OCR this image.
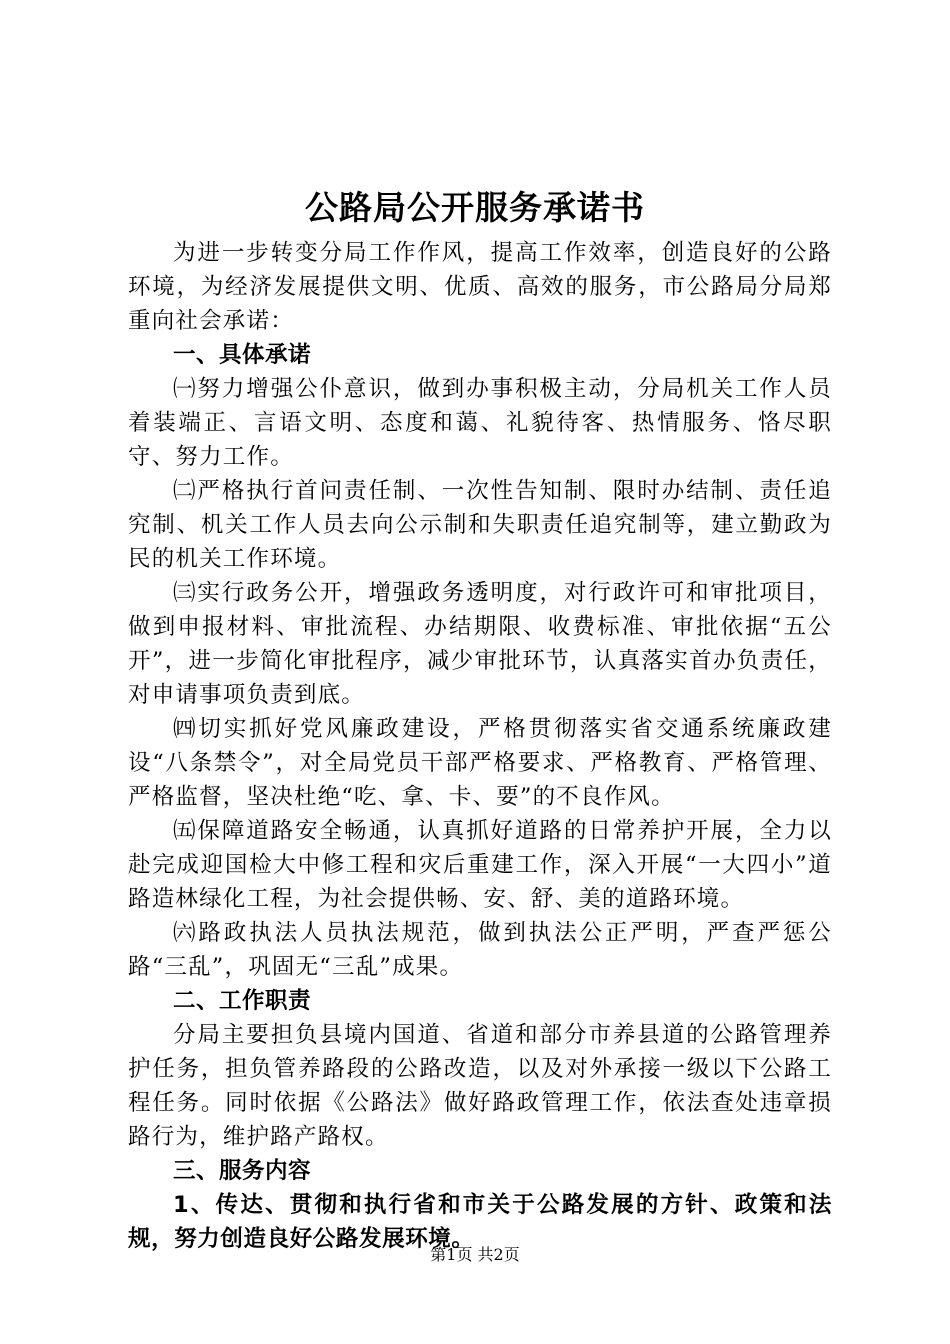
公路局公开服务承诺书

为进一步转变分局工作作风，提高工作效率，创造良好的公路环境，为经济发展提供文明、优质、高效的服务，市公路局分局郑重向社会承诺：

一、具体承诺

㈠努力增强公仆意识，做到办事积极主动，分局机关工作人员着装端正、言语文明、态度和蔼、礼貌待客、热情服务、恪尽职守、努力工作。

㈡严格执行首问责任制、一次性告知制、限时办结制、责任追究制、机关工作人员去向公示制和失职责任追究制等，建立勤政为民的机关工作环境。

㈢实行政务公开，增强政务透明度，对行政许可和审批项目，做到申报材料、审批流程、办结期限、收费标准、审批依据“五公开”，进一步简化审批程序，减少审批环节，认真落实首办负责任，对申请事项负责到底。

㈣切实抓好党风廉政建设，严格贯彻落实省交通系统廉政建设“八条禁令”，对全局党员干部严格要求、严格教育、严格管理、严格监督，坚决杜绝“吃、拿、卡、要”的不良作风。

㈤保障道路安全畅通，认真抓好道路的日常养护开展，全力以赴完成迎国检大中修工程和灾后重建工作，深入开展“一大四小”道路造林绿化工程，为社会提供畅、安、舒、美的道路环境。

㈥路政执法人员执法规范，做到执法公正严明，严查严惩公路“三乱”，巩固无“三乱”成果。

二、工作职责

分局主要担负县境内国道、省道和部分市养县道的公路管理养护任务，担负管养路段的公路改造，以及对外承接一级以下公路工程任务。同时依据《公路法》做好路政管理工作，依法查处违章损路行为，维护路产路权。

三、服务内容

1、传达、贯彻和执行省和市关于公路发展的方针、政策和法规，努力创造良好公路发展环境。

第1页 共2页
